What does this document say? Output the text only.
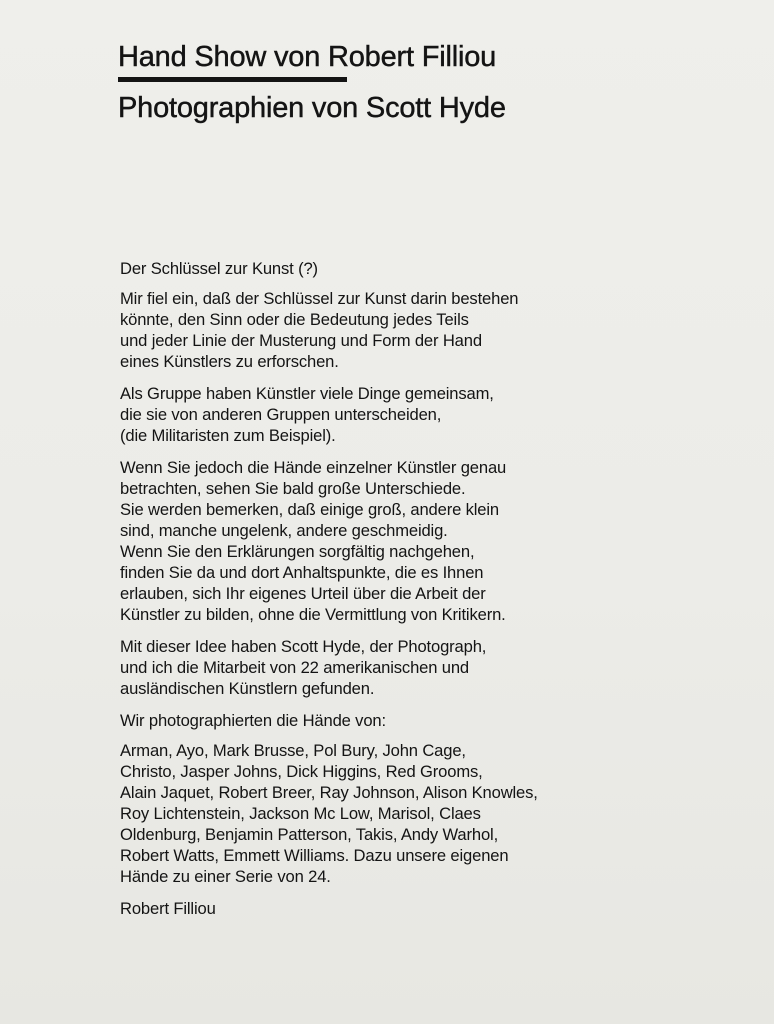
Hand Show von Robert Filliou
Photographien von Scott Hyde
Der Schlüssel zur Kunst (?)
Mir fiel ein, daß der Schlüssel zur Kunst darin bestehen
könnte, den Sinn oder die Bedeutung jedes Teils
und jeder Linie der Musterung und Form der Hand
eines Künstlers zu erforschen.
Als Gruppe haben Künstler viele Dinge gemeinsam,
die sie von anderen Gruppen unterscheiden,
(die Militaristen zum Beispiel).
Wenn Sie jedoch die Hände einzelner Künstler genau
betrachten, sehen Sie bald große Unterschiede.
Sie werden bemerken, daß einige groß, andere klein
sind, manche ungelenk, andere geschmeidig.
Wenn Sie den Erklärungen sorgfältig nachgehen,
finden Sie da und dort Anhaltspunkte, die es Ihnen
erlauben, sich Ihr eigenes Urteil über die Arbeit der
Künstler zu bilden, ohne die Vermittlung von Kritikern.
Mit dieser Idee haben Scott Hyde, der Photograph,
und ich die Mitarbeit von 22 amerikanischen und
ausländischen Künstlern gefunden.
Wir photographierten die Hände von:
Arman, Ayo, Mark Brusse, Pol Bury, John Cage,
Christo, Jasper Johns, Dick Higgins, Red Grooms,
Alain Jaquet, Robert Breer, Ray Johnson, Alison Knowles,
Roy Lichtenstein, Jackson Mc Low, Marisol, Claes
Oldenburg, Benjamin Patterson, Takis, Andy Warhol,
Robert Watts, Emmett Williams. Dazu unsere eigenen
Hände zu einer Serie von 24.
Robert Filliou
